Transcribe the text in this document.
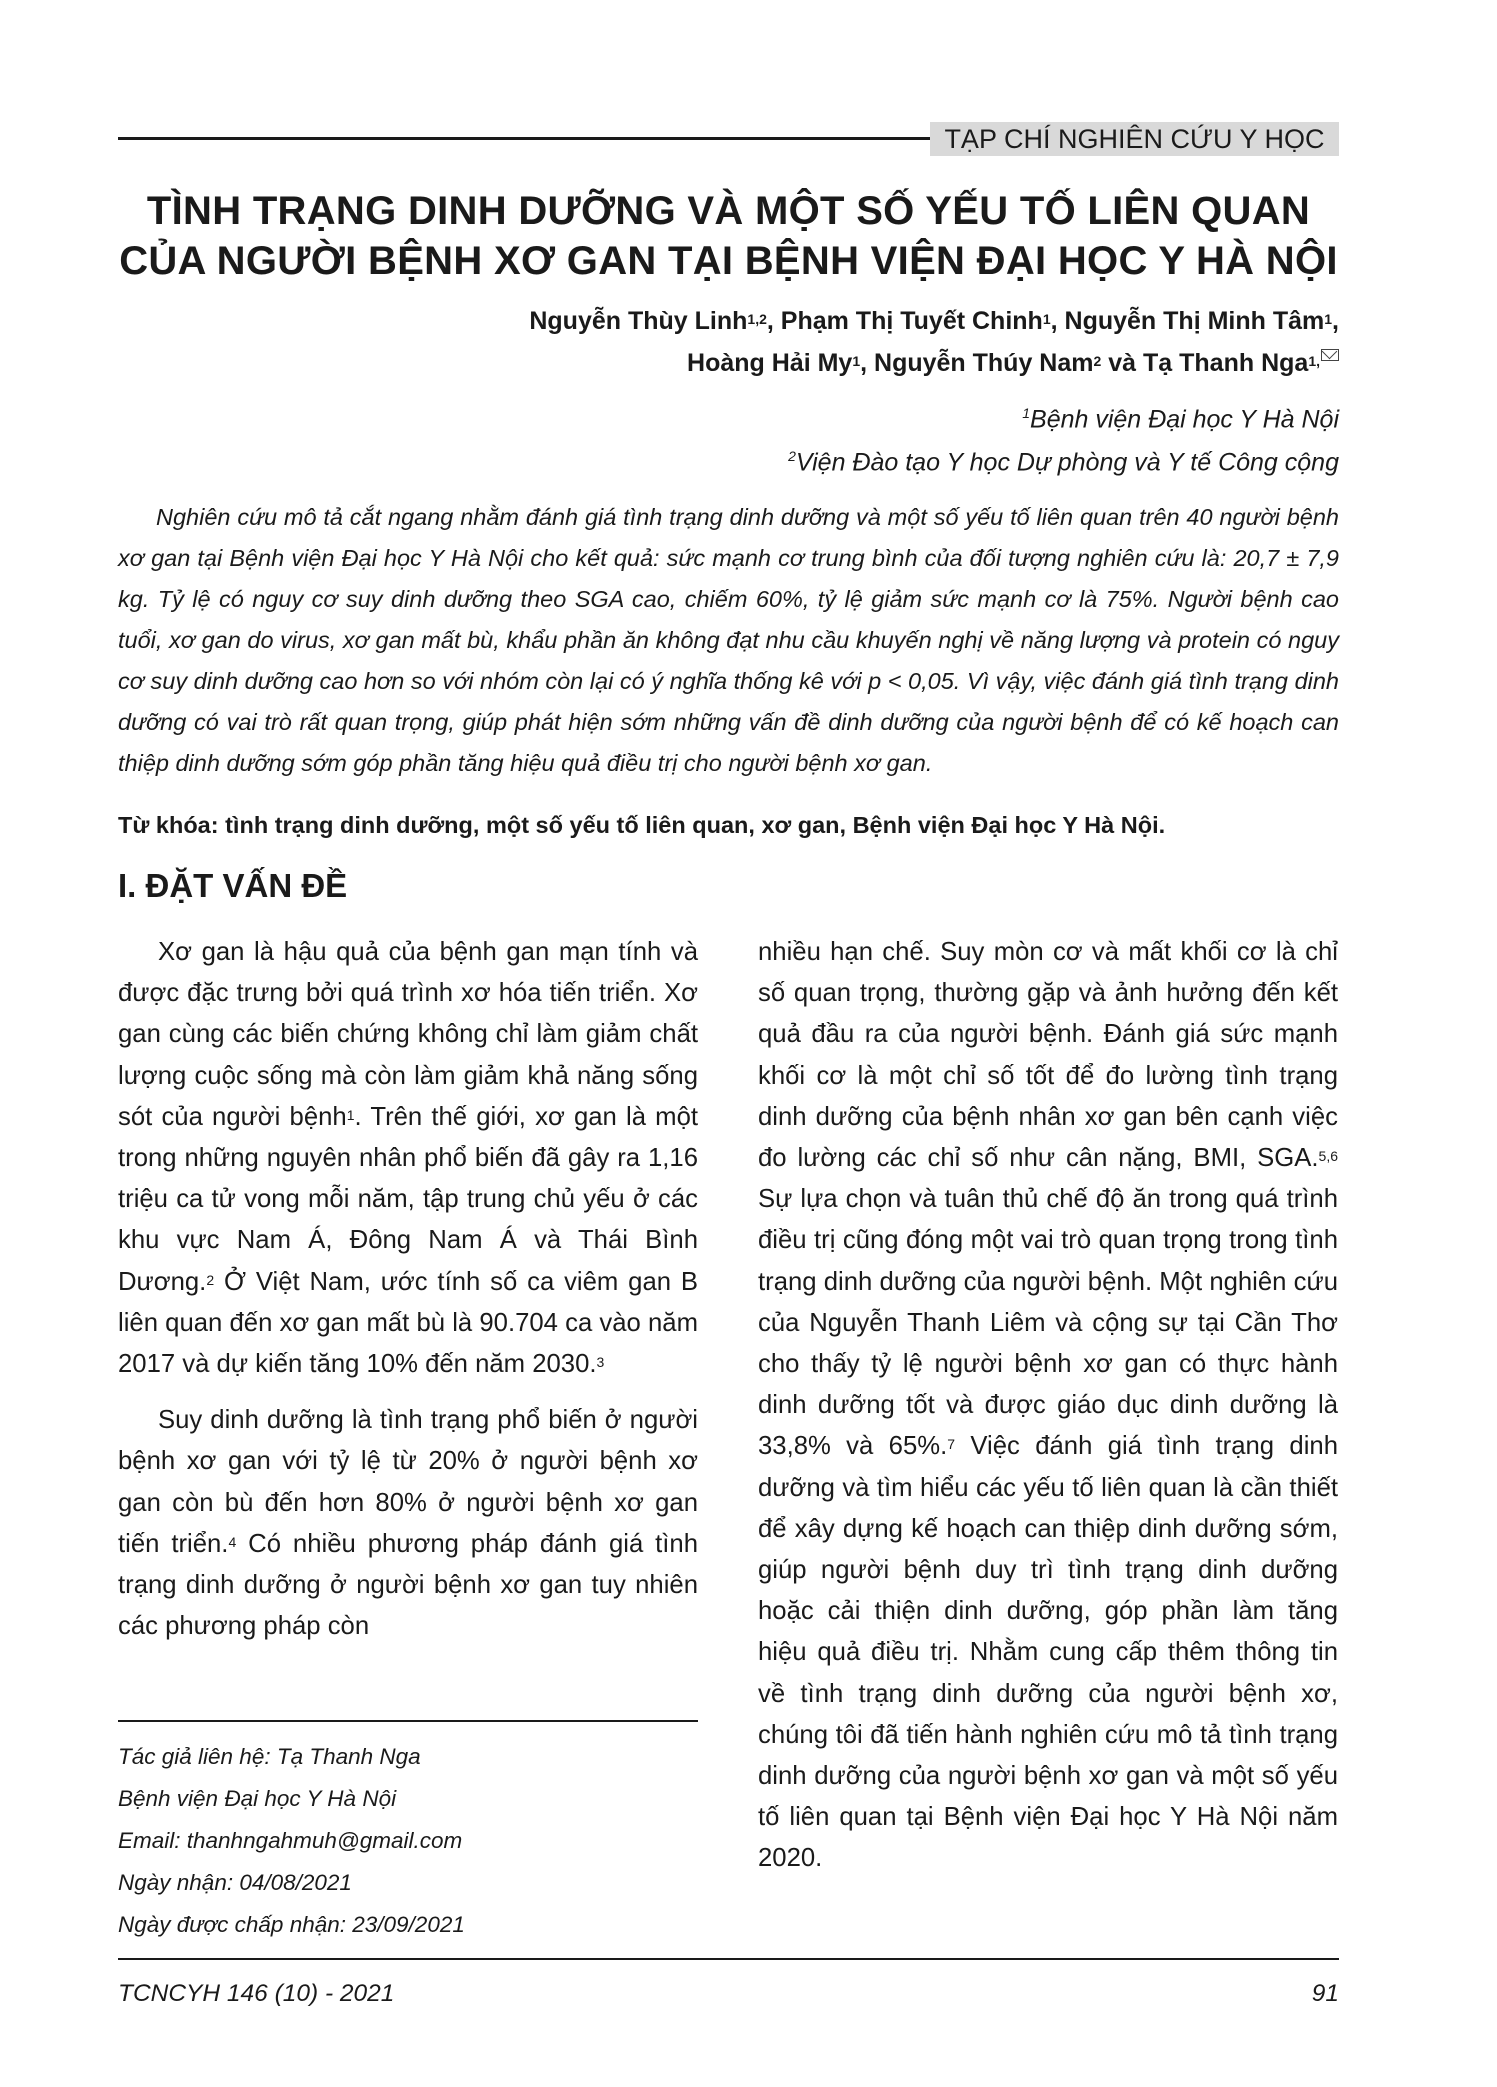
TẠP CHÍ NGHIÊN CỨU Y HỌC
TÌNH TRẠNG DINH DƯỠNG VÀ MỘT SỐ YẾU TỐ LIÊN QUAN
CỦA NGƯỜI BỆNH XƠ GAN TẠI BỆNH VIỆN ĐẠI HỌC Y HÀ NỘI
Nguyễn Thùy Linh$^{1,2}$, Phạm Thị Tuyết Chinh$^1$, Nguyễn Thị Minh Tâm$^1$,
Hoàng Hải My$^1$, Nguyễn Thúy Nam$^2$ và Tạ Thanh Nga$^{1,}$
$^1$Bệnh viện Đại học Y Hà Nội
$^2$Viện Đào tạo Y học Dự phòng và Y tế Công cộng
Nghiên cứu mô tả cắt ngang nhằm đánh giá tình trạng dinh dưỡng và một số yếu tố liên quan trên 40 người bệnh xơ gan tại Bệnh viện Đại học Y Hà Nội cho kết quả: sức mạnh cơ trung bình của đối tượng nghiên cứu là: 20,7 ± 7,9 kg. Tỷ lệ có nguy cơ suy dinh dưỡng theo SGA cao, chiếm 60%, tỷ lệ giảm sức mạnh cơ là 75%. Người bệnh cao tuổi, xơ gan do virus, xơ gan mất bù, khẩu phần ăn không đạt nhu cầu khuyến nghị về năng lượng và protein có nguy cơ suy dinh dưỡng cao hơn so với nhóm còn lại có ý nghĩa thống kê với p < 0,05. Vì vậy, việc đánh giá tình trạng dinh dưỡng có vai trò rất quan trọng, giúp phát hiện sớm những vấn đề dinh dưỡng của người bệnh để có kế hoạch can thiệp dinh dưỡng sớm góp phần tăng hiệu quả điều trị cho người bệnh xơ gan.
Từ khóa: tình trạng dinh dưỡng, một số yếu tố liên quan, xơ gan, Bệnh viện Đại học Y Hà Nội.
I. ĐẶT VẤN ĐỀ

Xơ gan là hậu quả của bệnh gan mạn tính và được đặc trưng bởi quá trình xơ hóa tiến triển. Xơ gan cùng các biến chứng không chỉ làm giảm chất lượng cuộc sống mà còn làm giảm khả năng sống sót của người bệnh$^1$. Trên thế giới, xơ gan là một trong những nguyên nhân phổ biến đã gây ra 1,16 triệu ca tử vong mỗi năm, tập trung chủ yếu ở các khu vực Nam Á, Đông Nam Á và Thái Bình Dương.$^2$ Ở Việt Nam, ước tính số ca viêm gan B liên quan đến xơ gan mất bù là 90.704 ca vào năm 2017 và dự kiến tăng 10% đến năm 2030.$^3$

Suy dinh dưỡng là tình trạng phổ biến ở người bệnh xơ gan với tỷ lệ từ 20% ở người bệnh xơ gan còn bù đến hơn 80% ở người bệnh xơ gan tiến triển.$^4$ Có nhiều phương pháp đánh giá tình trạng dinh dưỡng ở người bệnh xơ gan tuy nhiên các phương pháp còn

nhiều hạn chế. Suy mòn cơ và mất khối cơ là chỉ số quan trọng, thường gặp và ảnh hưởng đến kết quả đầu ra của người bệnh. Đánh giá sức mạnh khối cơ là một chỉ số tốt để đo lường tình trạng dinh dưỡng của bệnh nhân xơ gan bên cạnh việc đo lường các chỉ số như cân nặng, BMI, SGA.$^{5,6}$ Sự lựa chọn và tuân thủ chế độ ăn trong quá trình điều trị cũng đóng một vai trò quan trọng trong tình trạng dinh dưỡng của người bệnh. Một nghiên cứu của Nguyễn Thanh Liêm và cộng sự tại Cần Thơ cho thấy tỷ lệ người bệnh xơ gan có thực hành dinh dưỡng tốt và được giáo dục dinh dưỡng là 33,8% và 65%.$^7$ Việc đánh giá tình trạng dinh dưỡng và tìm hiểu các yếu tố liên quan là cần thiết để xây dựng kế hoạch can thiệp dinh dưỡng sớm, giúp người bệnh duy trì tình trạng dinh dưỡng hoặc cải thiện dinh dưỡng, góp phần làm tăng hiệu quả điều trị. Nhằm cung cấp thêm thông tin về tình trạng dinh dưỡng của người bệnh xơ, chúng tôi đã tiến hành nghiên cứu mô tả tình trạng dinh dưỡng của người bệnh xơ gan và một số yếu tố liên quan tại Bệnh viện Đại học Y Hà Nội năm 2020.

Tác giả liên hệ: Tạ Thanh Nga
Bệnh viện Đại học Y Hà Nội
Email: thanhngahmuh@gmail.com
Ngày nhận: 04/08/2021
Ngày được chấp nhận: 23/09/2021
TCNCYH 146 (10) - 2021	91
